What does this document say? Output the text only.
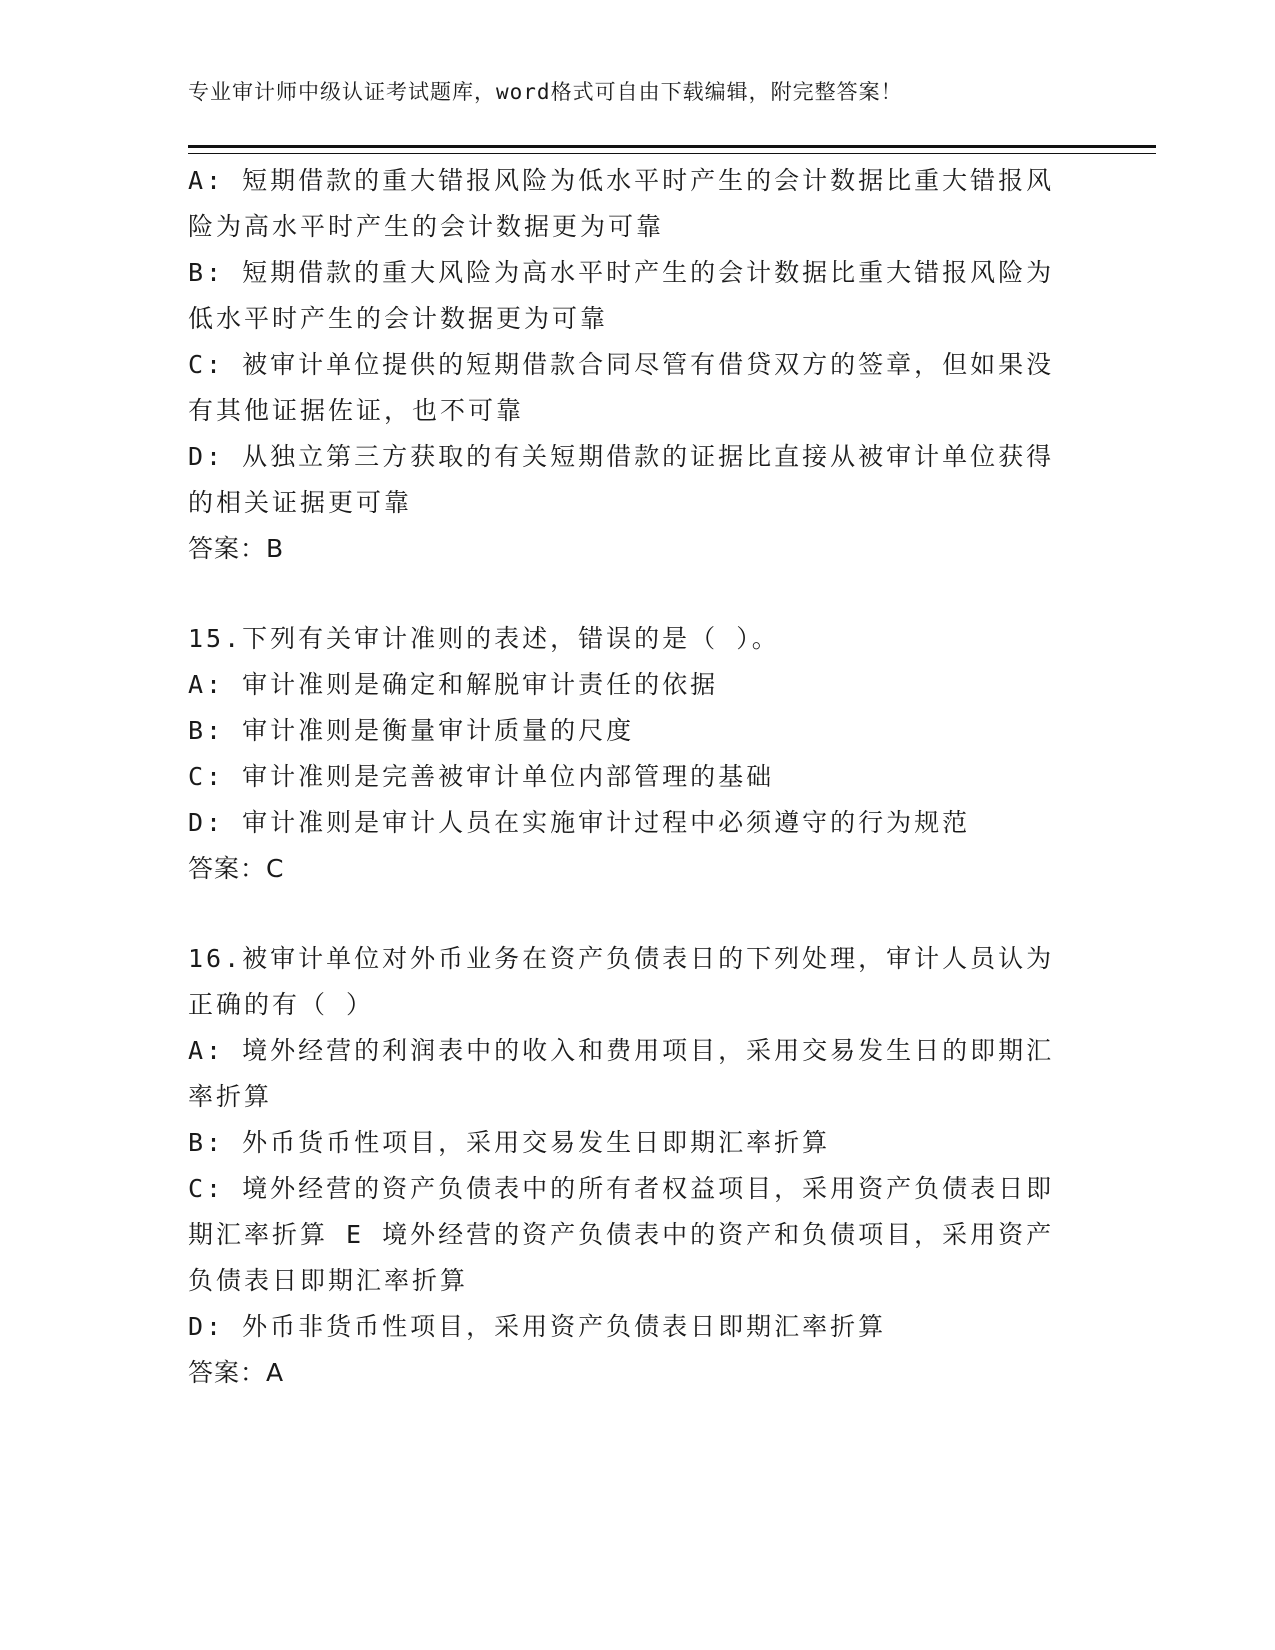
专业审计师中级认证考试题库，word格式可自由下载编辑，附完整答案！
A: 短期借款的重大错报风险为低水平时产生的会计数据比重大错报风
险为高水平时产生的会计数据更为可靠
B: 短期借款的重大风险为高水平时产生的会计数据比重大错报风险为
低水平时产生的会计数据更为可靠
C: 被审计单位提供的短期借款合同尽管有借贷双方的签章，但如果没
有其他证据佐证，也不可靠
D: 从独立第三方获取的有关短期借款的证据比直接从被审计单位获得
的相关证据更可靠
答案：B
15.下列有关审计准则的表述，错误的是（ ）。
A: 审计准则是确定和解脱审计责任的依据
B: 审计准则是衡量审计质量的尺度
C: 审计准则是完善被审计单位内部管理的基础
D: 审计准则是审计人员在实施审计过程中必须遵守的行为规范
答案：C
16.被审计单位对外币业务在资产负债表日的下列处理，审计人员认为
正确的有（ ）
A: 境外经营的利润表中的收入和费用项目，采用交易发生日的即期汇
率折算
B: 外币货币性项目，采用交易发生日即期汇率折算
C: 境外经营的资产负债表中的所有者权益项目，采用资产负债表日即
期汇率折算 E 境外经营的资产负债表中的资产和负债项目，采用资产
负债表日即期汇率折算
D: 外币非货币性项目，采用资产负债表日即期汇率折算
答案：A
